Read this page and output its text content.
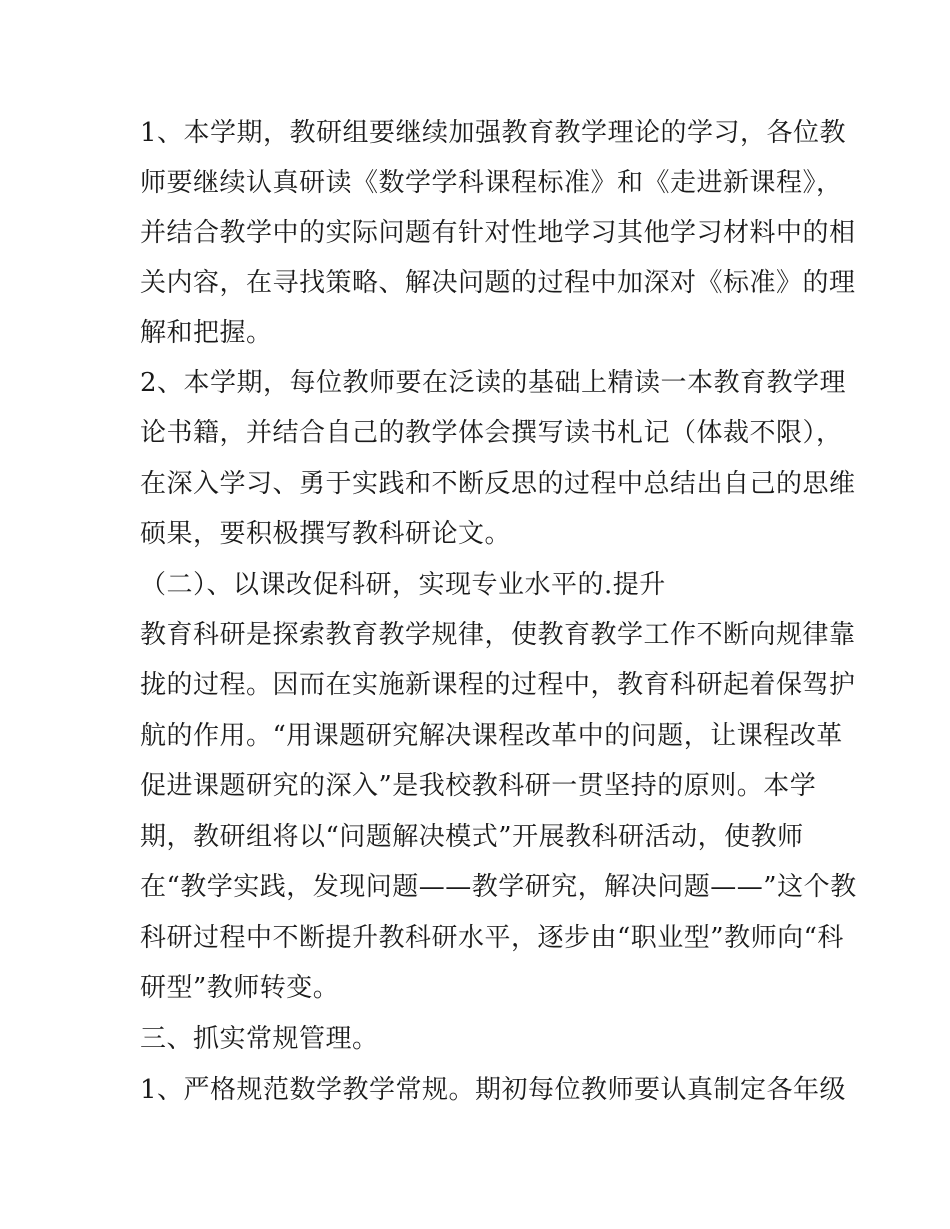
1、本学期，教研组要继续加强教育教学理论的学习，各位教
师要继续认真研读《数学学科课程标准》和《走进新课程》，
并结合教学中的实际问题有针对性地学习其他学习材料中的相
关内容，在寻找策略、解决问题的过程中加深对《标准》的理
解和把握。
2、本学期，每位教师要在泛读的基础上精读一本教育教学理
论书籍，并结合自己的教学体会撰写读书札记（体裁不限），
在深入学习、勇于实践和不断反思的过程中总结出自己的思维
硕果，要积极撰写教科研论文。
（二）、以课改促科研，实现专业水平的.提升
教育科研是探索教育教学规律，使教育教学工作不断向规律靠
拢的过程。因而在实施新课程的过程中，教育科研起着保驾护
航的作用。“用课题研究解决课程改革中的问题，让课程改革
促进课题研究的深入”是我校教科研一贯坚持的原则。本学
期，教研组将以“问题解决模式”开展教科研活动，使教师
在“教学实践，发现问题——教学研究，解决问题——”这个教
科研过程中不断提升教科研水平，逐步由“职业型”教师向“科
研型”教师转变。
三、抓实常规管理。
1、严格规范数学教学常规。期初每位教师要认真制定各年级
